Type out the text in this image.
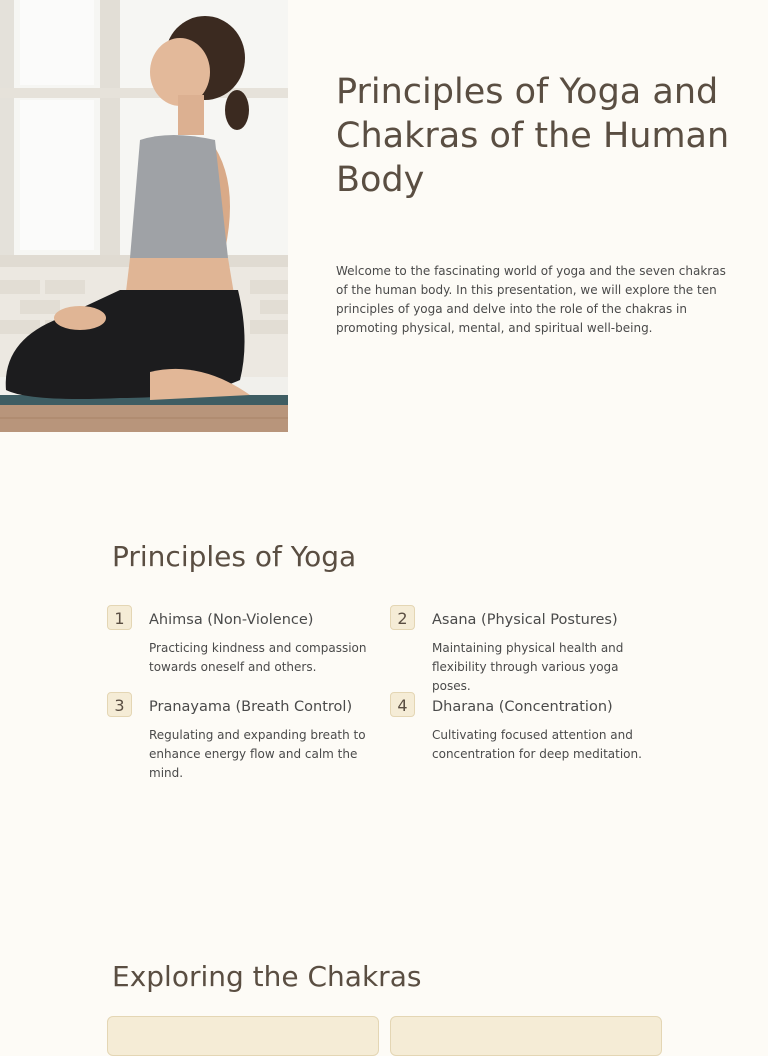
Principles of Yoga and Chakras of the Human Body

Welcome to the fascinating world of yoga and the seven chakras of the human body. In this presentation, we will explore the ten principles of yoga and delve into the role of the chakras in promoting physical, mental, and spiritual well-being.

Principles of Yoga
1	Ahimsa (Non-Violence)

Practicing kindness and compassion towards oneself and others.

2	Asana (Physical Postures)

Maintaining physical health and flexibility through various yoga poses.

3	Pranayama (Breath Control)

Regulating and expanding breath to enhance energy flow and calm the mind.

4	Dharana (Concentration)

Cultivating focused attention and concentration for deep meditation.

Exploring the Chakras
